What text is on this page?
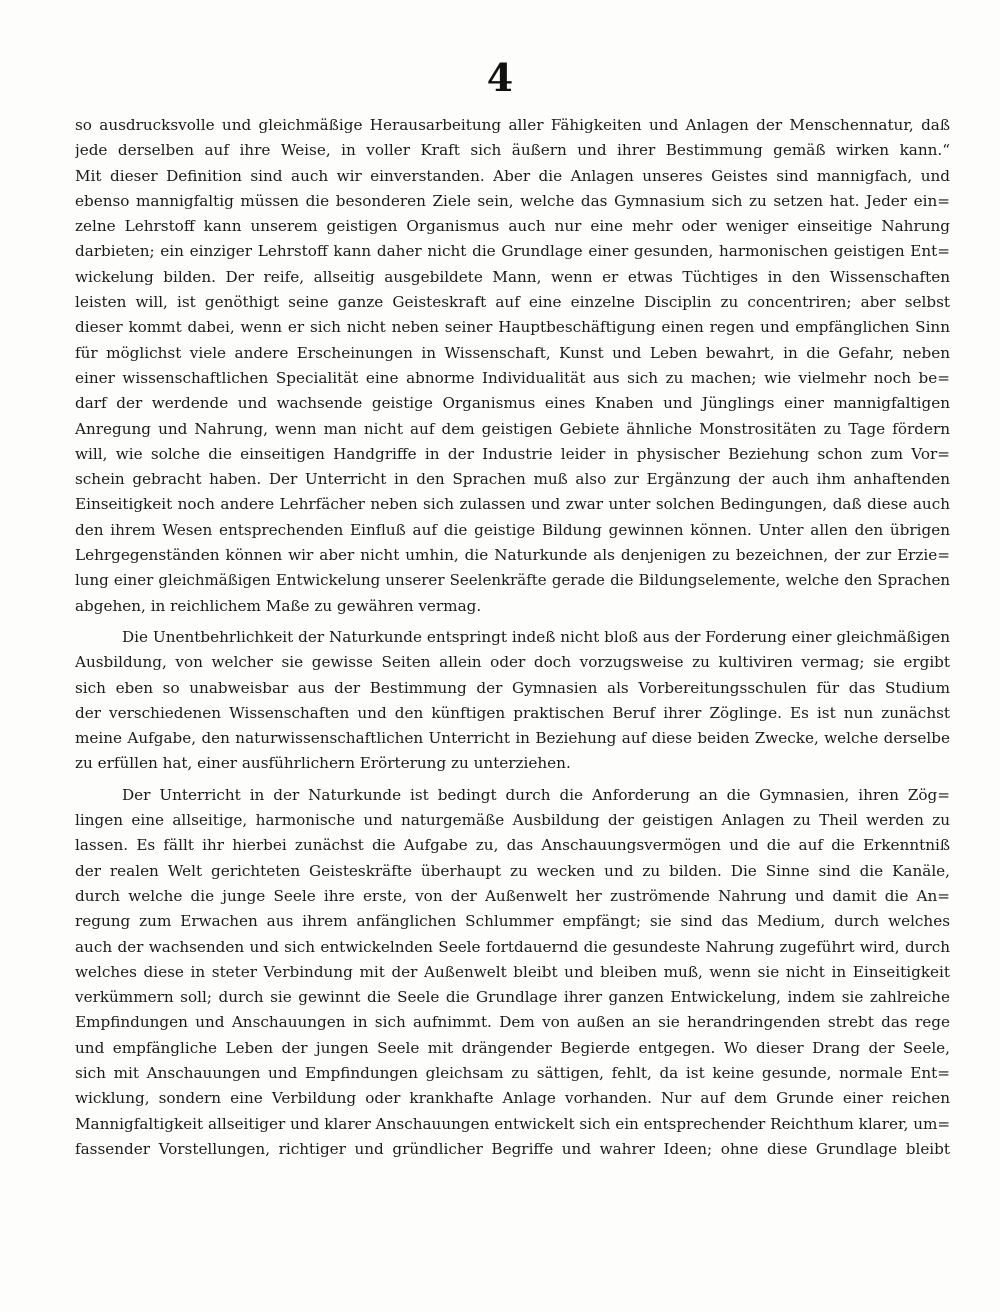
4
so ausdrucksvolle und gleichmäßige Herausarbeitung aller Fähigkeiten und Anlagen der Menschennatur, daß
jede derselben auf ihre Weise, in voller Kraft sich äußern und ihrer Bestimmung gemäß wirken kann.“
Mit dieser Definition sind auch wir einverstanden. Aber die Anlagen unseres Geistes sind mannigfach, und
ebenso mannigfaltig müssen die besonderen Ziele sein, welche das Gymnasium sich zu setzen hat. Jeder ein=
zelne Lehrstoff kann unserem geistigen Organismus auch nur eine mehr oder weniger einseitige Nahrung
darbieten; ein einziger Lehrstoff kann daher nicht die Grundlage einer gesunden, harmonischen geistigen Ent=
wickelung bilden. Der reife, allseitig ausgebildete Mann, wenn er etwas Tüchtiges in den Wissenschaften
leisten will, ist genöthigt seine ganze Geisteskraft auf eine einzelne Disciplin zu concentriren; aber selbst
dieser kommt dabei, wenn er sich nicht neben seiner Hauptbeschäftigung einen regen und empfänglichen Sinn
für möglichst viele andere Erscheinungen in Wissenschaft, Kunst und Leben bewahrt, in die Gefahr, neben
einer wissenschaftlichen Specialität eine abnorme Individualität aus sich zu machen; wie vielmehr noch be=
darf der werdende und wachsende geistige Organismus eines Knaben und Jünglings einer mannigfaltigen
Anregung und Nahrung, wenn man nicht auf dem geistigen Gebiete ähnliche Monstrositäten zu Tage fördern
will, wie solche die einseitigen Handgriffe in der Industrie leider in physischer Beziehung schon zum Vor=
schein gebracht haben. Der Unterricht in den Sprachen muß also zur Ergänzung der auch ihm anhaftenden
Einseitigkeit noch andere Lehrfächer neben sich zulassen und zwar unter solchen Bedingungen, daß diese auch
den ihrem Wesen entsprechenden Einfluß auf die geistige Bildung gewinnen können. Unter allen den übrigen
Lehrgegenständen können wir aber nicht umhin, die Naturkunde als denjenigen zu bezeichnen, der zur Erzie=
lung einer gleichmäßigen Entwickelung unserer Seelenkräfte gerade die Bildungselemente, welche den Sprachen
abgehen, in reichlichem Maße zu gewähren vermag.
Die Unentbehrlichkeit der Naturkunde entspringt indeß nicht bloß aus der Forderung einer gleichmäßigen
Ausbildung, von welcher sie gewisse Seiten allein oder doch vorzugsweise zu kultiviren vermag; sie ergibt
sich eben so unabweisbar aus der Bestimmung der Gymnasien als Vorbereitungsschulen für das Studium
der verschiedenen Wissenschaften und den künftigen praktischen Beruf ihrer Zöglinge. Es ist nun zunächst
meine Aufgabe, den naturwissenschaftlichen Unterricht in Beziehung auf diese beiden Zwecke, welche derselbe
zu erfüllen hat, einer ausführlichern Erörterung zu unterziehen.
Der Unterricht in der Naturkunde ist bedingt durch die Anforderung an die Gymnasien, ihren Zög=
lingen eine allseitige, harmonische und naturgemäße Ausbildung der geistigen Anlagen zu Theil werden zu
lassen. Es fällt ihr hierbei zunächst die Aufgabe zu, das Anschauungsvermögen und die auf die Erkenntniß
der realen Welt gerichteten Geisteskräfte überhaupt zu wecken und zu bilden. Die Sinne sind die Kanäle,
durch welche die junge Seele ihre erste, von der Außenwelt her zuströmende Nahrung und damit die An=
regung zum Erwachen aus ihrem anfänglichen Schlummer empfängt; sie sind das Medium, durch welches
auch der wachsenden und sich entwickelnden Seele fortdauernd die gesundeste Nahrung zugeführt wird, durch
welches diese in steter Verbindung mit der Außenwelt bleibt und bleiben muß, wenn sie nicht in Einseitigkeit
verkümmern soll; durch sie gewinnt die Seele die Grundlage ihrer ganzen Entwickelung, indem sie zahlreiche
Empfindungen und Anschauungen in sich aufnimmt. Dem von außen an sie herandringenden strebt das rege
und empfängliche Leben der jungen Seele mit drängender Begierde entgegen. Wo dieser Drang der Seele,
sich mit Anschauungen und Empfindungen gleichsam zu sättigen, fehlt, da ist keine gesunde, normale Ent=
wicklung, sondern eine Verbildung oder krankhafte Anlage vorhanden. Nur auf dem Grunde einer reichen
Mannigfaltigkeit allseitiger und klarer Anschauungen entwickelt sich ein entsprechender Reichthum klarer, um=
fassender Vorstellungen, richtiger und gründlicher Begriffe und wahrer Ideen; ohne diese Grundlage bleibt
